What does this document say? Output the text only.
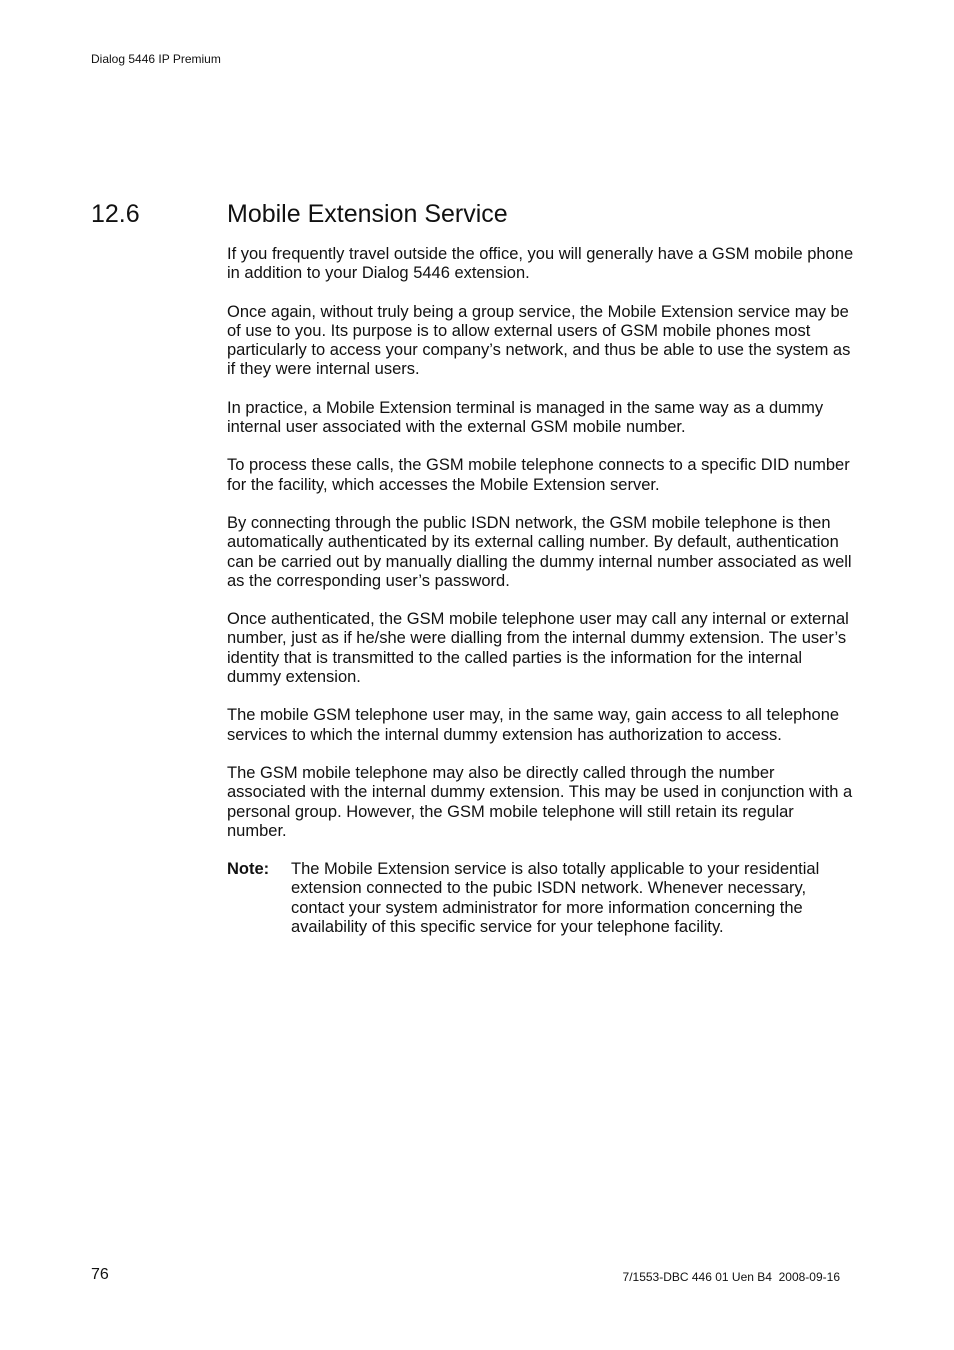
Dialog 5446 IP Premium
12.6	Mobile Extension Service

If you frequently travel outside the office, you will generally have a GSM mobile phone in addition to your Dialog 5446 extension.

Once again, without truly being a group service, the Mobile Extension service may be of use to you. Its purpose is to allow external users of GSM mobile phones most particularly to access your company’s network, and thus be able to use the system as if they were internal users.

In practice, a Mobile Extension terminal is managed in the same way as a dummy internal user associated with the external GSM mobile number.

To process these calls, the GSM mobile telephone connects to a specific DID number for the facility, which accesses the Mobile Extension server.

By connecting through the public ISDN network, the GSM mobile telephone is then automatically authenticated by its external calling number. By default, authentication can be carried out by manually dialling the dummy internal number associated as well as the corresponding user’s password.

Once authenticated, the GSM mobile telephone user may call any internal or external number, just as if he/she were dialling from the internal dummy extension. The user’s identity that is transmitted to the called parties is the information for the internal dummy extension.

The mobile GSM telephone user may, in the same way, gain access to all telephone services to which the internal dummy extension has authorization to access.

The GSM mobile telephone may also be directly called through the number associated with the internal dummy extension. This may be used in conjunction with a personal group. However, the GSM mobile telephone will still retain its regular number.

Note:	The Mobile Extension service is also totally applicable to your residential extension connected to the pubic ISDN network. Whenever necessary, contact your system administrator for more information concerning the availability of this specific service for your telephone facility.
76	7/1553-DBC 446 01 Uen B4  2008-09-16
